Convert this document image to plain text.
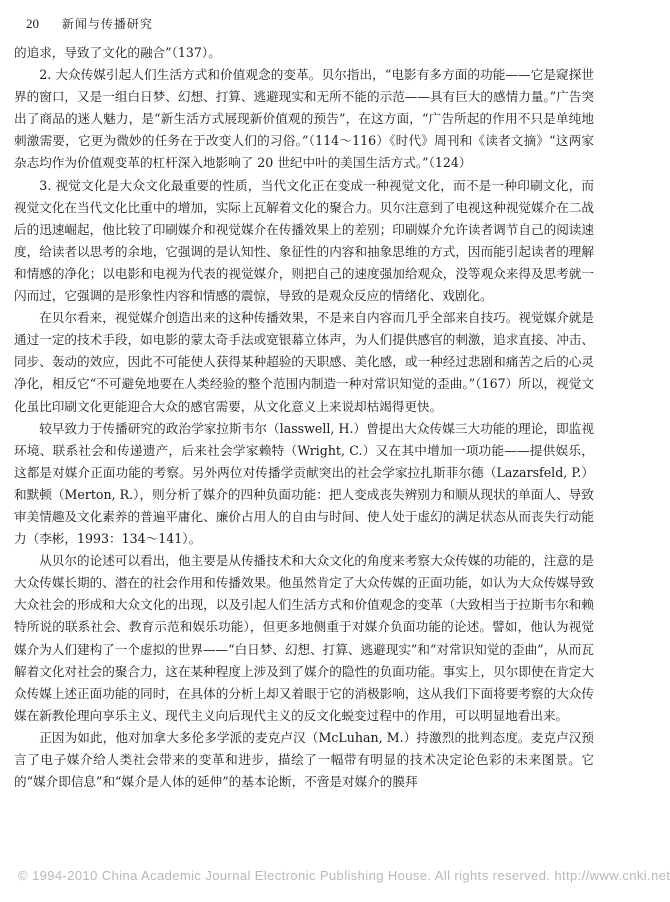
20 新闻与传播研究

的追求，导致了文化的融合”（137）。

2. 大众传媒引起人们生活方式和价值观念的变革。贝尔指出，“电影有多方面的功能——它是窥探世界的窗口，又是一组白日梦、幻想、打算、逃避现实和无所不能的示范——具有巨大的感情力量。”广告突出了商品的迷人魅力，是“新生活方式展现新价值观的预告”，在这方面，“广告所起的作用不只是单纯地刺激需要，它更为微妙的任务在于改变人们的习俗。”（114～116）《时代》周刊和《读者文摘》“这两家杂志均作为价值观变革的杠杆深入地影响了 20 世纪中叶的美国生活方式。”（124）

3. 视觉文化是大众文化最重要的性质，当代文化正在变成一种视觉文化，而不是一种印刷文化，而视觉文化在当代文化比重中的增加，实际上瓦解着文化的聚合力。贝尔注意到了电视这种视觉媒介在二战后的迅速崛起，他比较了印刷媒介和视觉媒介在传播效果上的差别；印刷媒介允许读者调节自己的阅读速度，给读者以思考的余地，它强调的是认知性、象征性的内容和抽象思维的方式，因而能引起读者的理解和情感的净化；以电影和电视为代表的视觉媒介，则把自己的速度强加给观众，没等观众来得及思考就一闪而过，它强调的是形象性内容和情感的震惊，导致的是观众反应的情绪化、戏剧化。

在贝尔看来，视觉媒介创造出来的这种传播效果，不是来自内容而几乎全部来自技巧。视觉媒介就是通过一定的技术手段，如电影的蒙太奇手法或宽银幕立体声，为人们提供感官的刺激，追求直接、冲击、同步、轰动的效应，因此不可能使人获得某种超验的天职感、美化感，或一种经过悲剧和痛苦之后的心灵净化，相反它“不可避免地要在人类经验的整个范围内制造一种对常识知觉的歪曲。”（167）所以，视觉文化虽比印刷文化更能迎合大众的感官需要，从文化意义上来说却枯竭得更快。

较早致力于传播研究的政治学家拉斯韦尔（lasswell, H.）曾提出大众传媒三大功能的理论，即监视环境、联系社会和传递遗产，后来社会学家赖特（Wright, C.）又在其中增加一项功能——提供娱乐，这都是对媒介正面功能的考察。另外两位对传播学贡献突出的社会学家拉扎斯菲尔德（Lazarsfeld, P.）和默顿（Merton, R.），则分析了媒介的四种负面功能：把人变成丧失辨别力和顺从现状的单面人、导致审美情趣及文化素养的普遍平庸化、廉价占用人的自由与时间、使人处于虚幻的满足状态从而丧失行动能力（李彬，1993：134～141）。

从贝尔的论述可以看出，他主要是从传播技术和大众文化的角度来考察大众传媒的功能的，注意的是大众传媒长期的、潜在的社会作用和传播效果。他虽然肯定了大众传媒的正面功能，如认为大众传媒导致大众社会的形成和大众文化的出现，以及引起人们生活方式和价值观念的变革（大致相当于拉斯韦尔和赖特所说的联系社会、教育示范和娱乐功能），但更多地侧重于对媒介负面功能的论述。譬如，他认为视觉媒介为人们建构了一个虚拟的世界——“白日梦、幻想、打算、逃避现实”和“对常识知觉的歪曲”，从而瓦解着文化对社会的聚合力，这在某种程度上涉及到了媒介的隐性的负面功能。事实上，贝尔即使在肯定大众传媒上述正面功能的同时，在具体的分析上却又着眼于它的消极影响，这从我们下面将要考察的大众传媒在新教伦理向享乐主义、现代主义向后现代主义的反文化蜕变过程中的作用，可以明显地看出来。

正因为如此，他对加拿大多伦多学派的麦克卢汉（McLuhan, M.）持激烈的批判态度。麦克卢汉预言了电子媒介给人类社会带来的变革和进步，描绘了一幅带有明显的技术决定论色彩的未来图景。它的“媒介即信息”和“媒介是人体的延伸”的基本论断，不啻是对媒介的膜拜

© 1994-2010 China Academic Journal Electronic Publishing House. All rights reserved. http://www.cnki.net
